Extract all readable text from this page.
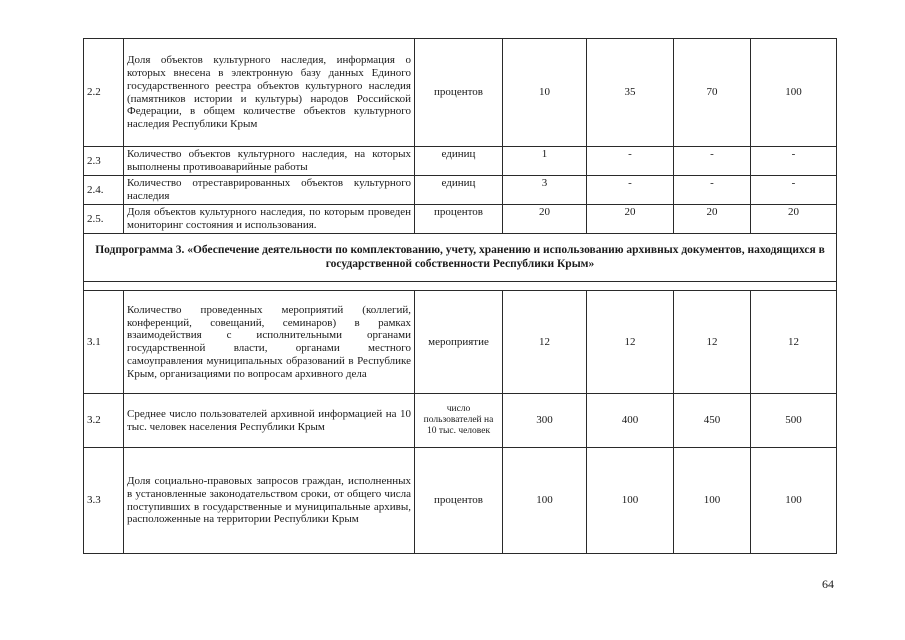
2.2	Доля объектов культурного наследия, информация о которых внесена в электронную базу данных Единого государственного реестра объектов культурного наследия (памятников истории и культуры) народов Российской Федерации, в общем количестве объектов культурного наследия Республики Крым	процентов	10	35	70	100
2.3	Количество объектов культурного наследия, на которых выполнены противоаварийные работы	единиц	1	-	-	-
2.4.	Количество отреставрированных объектов культурного наследия	единиц	3	-	-	-
2.5.	Доля объектов культурного наследия, по которым проведен мониторинг состояния и использования.	процентов	20	20	20	20
Подпрограмма 3. «Обеспечение деятельности по комплектованию, учету, хранению и использованию архивных документов, находящихся в государственной собственности Республики Крым»						

3.1	Количество проведенных мероприятий (коллегий, конференций, совещаний, семинаров) в рамках взаимодействия с исполнительными органами государственной власти, органами местного самоуправления муниципальных образований в Республике Крым, организациями по вопросам архивного дела	мероприятие	12	12	12	12
3.2	Среднее число пользователей архивной информацией на 10 тыс. человек населения Республики Крым	число пользователей на 10 тыс. человек	300	400	450	500
3.3	Доля социально-правовых запросов граждан, исполненных в установленные законодательством сроки, от общего числа поступивших в государственные и муниципальные архивы, расположенные на территории Республики Крым	процентов	100	100	100	100
64
